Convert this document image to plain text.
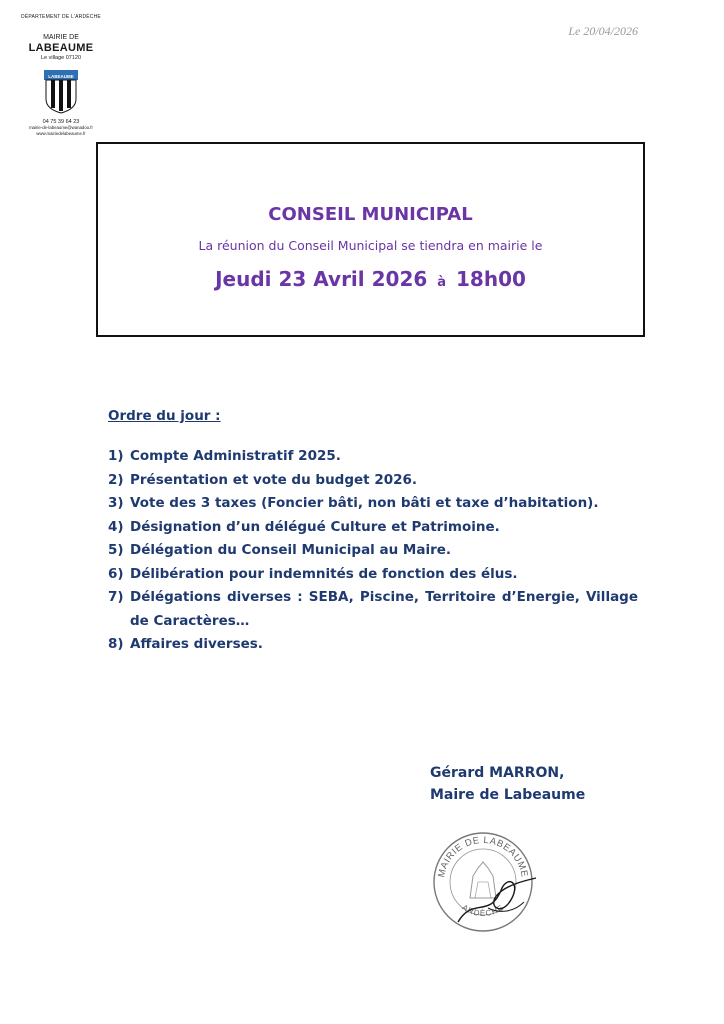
DÉPARTEMENT DE L'ARDÈCHE
MAIRIE DE
LABEAUME
Le village 07120
LABEAUME
04 75 39 64 23
mairie-de-labeaume@wanadoo.fr
www.mairiedelabeaume.fr
Le 20/04/2026
CONSEIL MUNICIPAL
La réunion du Conseil Municipal se tiendra en mairie le
Jeudi 23 Avril 2026 à 18h00
Ordre du jour :
1) Compte Administratif 2025.
2) Présentation et vote du budget 2026.
3) Vote des 3 taxes (Foncier bâti, non bâti et taxe d’habitation).
4) Désignation d’un délégué Culture et Patrimoine.
5) Délégation du Conseil Municipal au Maire.
6) Délibération pour indemnités de fonction des élus.
7) Délégations diverses : SEBA, Piscine, Territoire d’Energie, Village de Caractères…
8) Affaires diverses.
Gérard MARRON,
Maire de Labeaume
MAIRIE DE LABEAUME
ARDÈCHE
